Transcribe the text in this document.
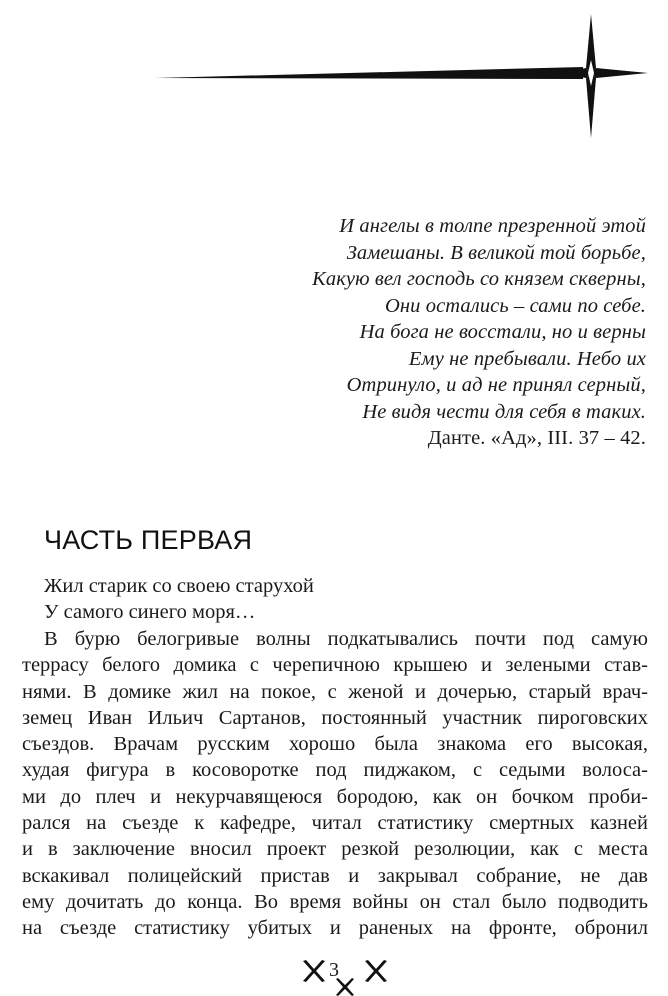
И ангелы в толпе презренной этой
Замешаны. В великой той борьбе,
Какую вел господь со князем скверны,
Они остались – сами по себе.
На бога не восстали, но и верны
Ему не пребывали. Небо их
Отринуло, и ад не принял серный,
Не видя чести для себя в таких.
Данте. «Ад», III. 37 – 42.
ЧАСТЬ ПЕРВАЯ
Жил старик со своею старухой
У самого синего моря…
В бурю белогривые волны подкатывались почти под самую
террасу белого домика с черепичною крышею и зелеными став-
нями. В домике жил на покое, с женой и дочерью, старый врач-
земец Иван Ильич Сартанов, постоянный участник пироговских
съездов. Врачам русским хорошо была знакома его высокая,
худая фигура в косоворотке под пиджаком, с седыми волоса-
ми до плеч и некурчавящеюся бородою, как он бочком проби-
рался на съезде к кафедре, читал статистику смертных казней
и в заключение вносил проект резкой резолюции, как с места
вскакивал полицейский пристав и закрывал собрание, не дав
ему дочитать до конца. Во время войны он стал было подводить
на съезде статистику убитых и раненых на фронте, обронил
3
